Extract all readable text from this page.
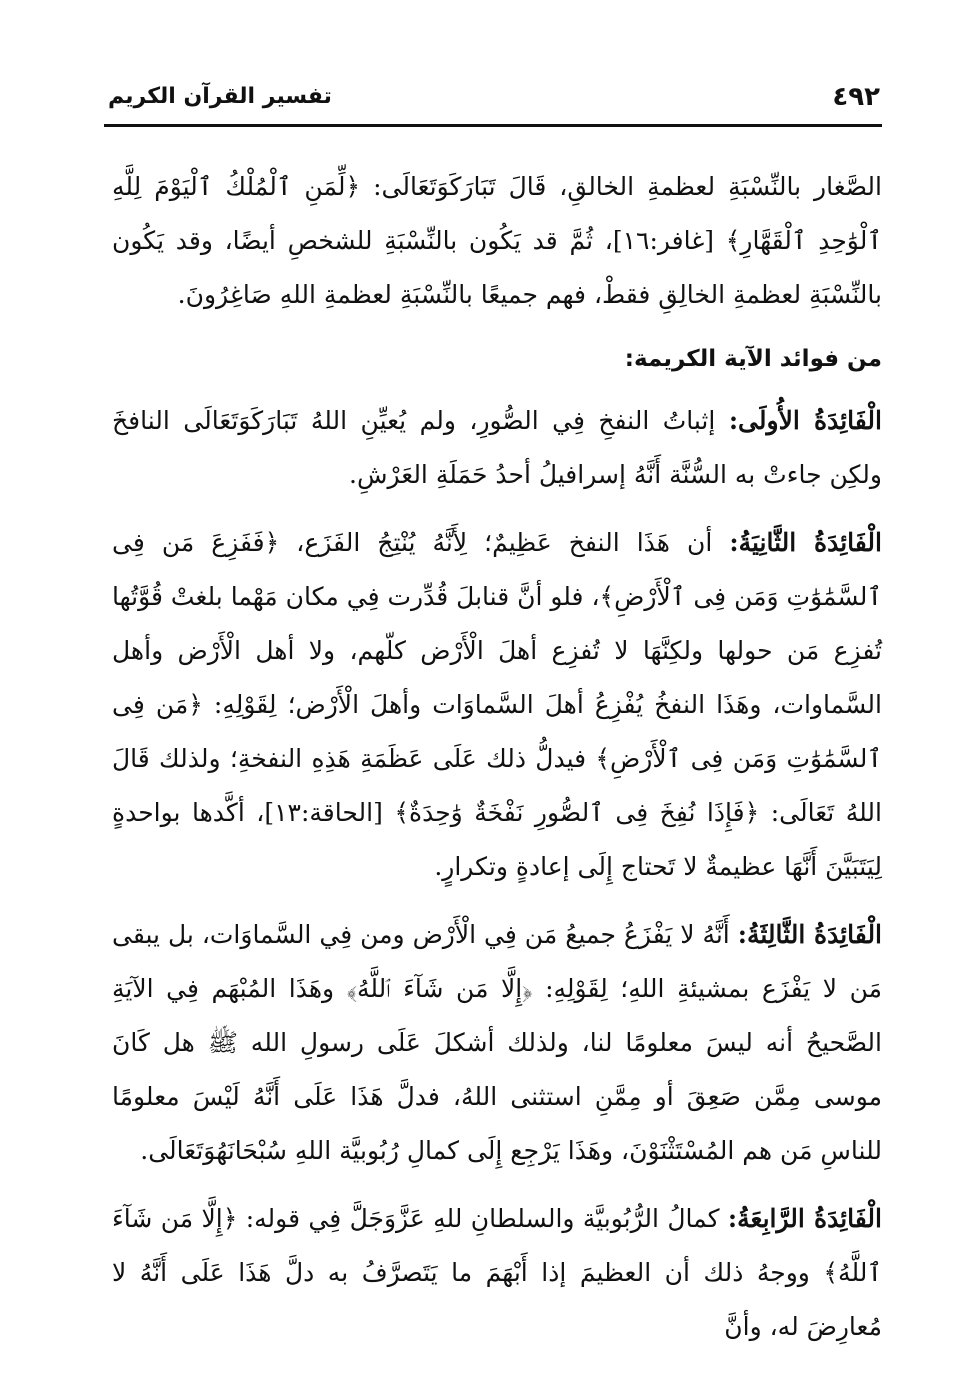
٤٩٢
تفسير القرآن الكريم

الصَّغار بالنِّسْبَةِ لعظمةِ الخالقِ، قَالَ تَبَارَكَوَتَعَالَى: ﴿لِّمَنِ ٱلْمُلْكُ ٱلْيَوْمَ لِلَّهِ ٱلْوَٰحِدِ ٱلْقَهَّارِ﴾ [غافر:١٦]، ثُمَّ قد يَكُون بالنِّسْبَةِ للشخصِ أيضًا، وقد يَكُون بالنِّسْبَةِ لعظمةِ الخالِقِ فقطْ، فهم جميعًا بالنِّسْبَةِ لعظمةِ اللهِ صَاغِرُونَ.

من فوائد الآية الكريمة:

الْفَائِدَةُ الأُولَى: إثباتُ النفخِ فِي الصُّورِ، ولم يُعيِّنِ اللهُ تَبَارَكَوَتَعَالَى النافخَ ولكِن جاءتْ به السُّنَّة أَنَّهُ إسرافيلُ أحدُ حَمَلَةِ العَرْشِ.

الْفَائِدَةُ الثَّانِيَةُ: أن هَذَا النفخ عَظِيمٌ؛ لِأَنَّهُ يُنْتِجُ الفَزَع، ﴿فَفَزِعَ مَن فِى ٱلسَّمَٰوَٰتِ وَمَن فِى ٱلْأَرْضِ﴾، فلو أنَّ قنابلَ قُدِّرت فِي مكان مَهْما بلغتْ قُوَّتُها تُفزِع مَن حولها ولكِنَّهَا لا تُفزِع أهلَ الْأَرْض كلّهم، ولا أهل الْأَرْض وأهل السَّماوات، وهَذَا النفخُ يُفْزِعُ أهلَ السَّماوَات وأهلَ الْأَرْض؛ لِقَوْلِهِ: ﴿مَن فِى ٱلسَّمَٰوَٰتِ وَمَن فِى ٱلْأَرْضِ﴾ فيدلُّ ذلك عَلَى عَظَمَةِ هَذِهِ النفخةِ؛ ولذلك قَالَ اللهُ تَعَالَى: ﴿فَإِذَا نُفِخَ فِى ٱلصُّورِ نَفْخَةٌ وَٰحِدَةٌ﴾ [الحاقة:١٣]، أكَّدها بواحدةٍ لِيَتَبَيَّنَ أَنَّهَا عظيمةٌ لا تَحتاج إِلَى إعادةٍ وتكرارٍ.

الْفَائِدَةُ الثَّالِثَةُ: أَنَّهُ لا يَفْزَعُ جميعُ مَن فِي الْأَرْض ومن فِي السَّماوَات، بل يبقى مَن لا يَفْزَع بمشيئةِ اللهِ؛ لِقَوْلِهِ: ﴿إِلَّا مَن شَآءَ ٱللَّهُ﴾ وهَذَا المُبْهَم فِي الآيَةِ الصَّحيحُ أنه ليسَ معلومًا لنا، ولذلك أشكلَ عَلَى رسولِ الله ﷺ هل كَانَ موسى مِمَّن صَعِقَ أو مِمَّنِ استثنى اللهُ، فدلَّ هَذَا عَلَى أَنَّهُ لَيْسَ معلومًا للناسِ مَن هم المُسْتَثْنَوْنَ، وهَذَا يَرْجِع إِلَى كمالِ رُبُوبيَّة اللهِ سُبْحَانَهُوَتَعَالَى.

الْفَائِدَةُ الرَّابِعَةُ: كمالُ الرُّبُوبيَّة والسلطانِ للهِ عَزَّوَجَلَّ فِي قوله: ﴿إِلَّا مَن شَآءَ ٱللَّهُ﴾ ووجهُ ذلك أن العظيمَ إذا أَبْهَمَ ما يَتَصرَّفُ به دلَّ هَذَا عَلَى أَنَّهُ لا مُعارِضَ له، وأنَّ
